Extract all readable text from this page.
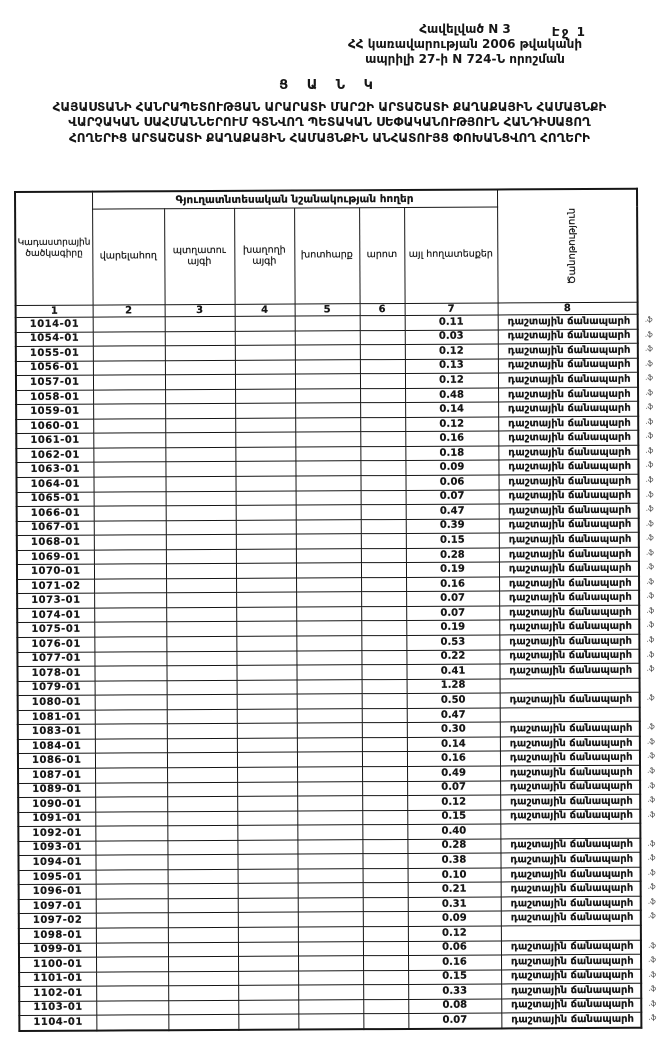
Էջ 1
Հավելված N 3
ՀՀ կառավարության 2006 թվականի
ապրիլի 27-ի N 724-Ն որոշման
Ց Ա Ն Կ
ՀԱՅԱՍՏԱՆԻ ՀԱՆՐԱՊԵՏՈՒԹՅԱՆ ԱՐԱՐԱՏԻ ՄԱՐԶԻ ԱՐՏԱՇԱՏԻ ՔԱՂԱՔԱՅԻՆ ՀԱՄԱՅՆՔԻ
ՎԱՐՉԱԿԱՆ ՍԱՀՄԱՆՆԵՐՈՒՄ ԳՏՆՎՈՂ ՊԵՏԱԿԱՆ ՍԵՓԱԿԱՆՈՒԹՅՈՒՆ ՀԱՆԴԻՍԱՑՈՂ
ՀՈՂԵՐԻՑ ԱՐՏԱՇԱՏԻ ՔԱՂԱՔԱՅԻՆ ՀԱՄԱՅՆՔԻՆ ԱՆՀԱՏՈՒՅՑ ՓՈԽԱՆՑՎՈՂ ՀՈՂԵՐԻ
Կադաստրային ծածկագիրը	Գյուղատնտեսական նշանակության հողեր						Ծանոթություն

	վարելահող	պտղատու այգի	խաղողի այգի	խոտհարք	արոտ	այլ հողատեսքեր	
1	2	3	4	5	6	7	8
1014-01						0.11	դաշտային ճանապարհ .ֆ

1054-01						0.03	դաշտային ճանապարհ .ֆ

1055-01						0.12	դաշտային ճանապարհ .ֆ

1056-01						0.13	դաշտային ճանապարհ .ֆ

1057-01						0.12	դաշտային ճանապարհ .ֆ

1058-01						0.48	դաշտային ճանապարհ .ֆ

1059-01						0.14	դաշտային ճանապարհ .ֆ

1060-01						0.12	դաշտային ճանապարհ .ֆ

1061-01						0.16	դաշտային ճանապարհ .ֆ

1062-01						0.18	դաշտային ճանապարհ .ֆ

1063-01						0.09	դաշտային ճանապարհ .ֆ

1064-01						0.06	դաշտային ճանապարհ .ֆ

1065-01						0.07	դաշտային ճանապարհ .ֆ

1066-01						0.47	դաշտային ճանապարհ .ֆ

1067-01						0.39	դաշտային ճանապարհ .ֆ

1068-01						0.15	դաշտային ճանապարհ .ֆ

1069-01						0.28	դաշտային ճանապարհ .ֆ

1070-01						0.19	դաշտային ճանապարհ .ֆ

1071-02						0.16	դաշտային ճանապարհ .ֆ

1073-01						0.07	դաշտային ճանապարհ .ֆ

1074-01						0.07	դաշտային ճանապարհ .ֆ

1075-01						0.19	դաշտային ճանապարհ .ֆ

1076-01						0.53	դաշտային ճանապարհ .ֆ

1077-01						0.22	դաշտային ճանապարհ .ֆ

1078-01						0.41	դաշտային ճանապարհ .ֆ

1079-01						1.28	
1080-01						0.50	դաշտային ճանապարհ .ֆ

1081-01						0.47	
1083-01						0.30	դաշտային ճանապարհ .ֆ

1084-01						0.14	դաշտային ճանապարհ .ֆ

1086-01						0.16	դաշտային ճանապարհ .ֆ

1087-01						0.49	դաշտային ճանապարհ .ֆ

1089-01						0.07	դաշտային ճանապարհ .ֆ

1090-01						0.12	դաշտային ճանապարհ .ֆ

1091-01						0.15	դաշտային ճանապարհ .ֆ

1092-01						0.40	
1093-01						0.28	դաշտային ճանապարհ .ֆ

1094-01						0.38	դաշտային ճանապարհ .ֆ

1095-01						0.10	դաշտային ճանապարհ .ֆ

1096-01						0.21	դաշտային ճանապարհ .ֆ

1097-01						0.31	դաշտային ճանապարհ .ֆ

1097-02						0.09	դաշտային ճանապարհ .ֆ

1098-01						0.12	
1099-01						0.06	դաշտային ճանապարհ .ֆ

1100-01						0.16	դաշտային ճանապարհ .ֆ

1101-01						0.15	դաշտային ճանապարհ .ֆ

1102-01						0.33	դաշտային ճանապարհ .ֆ

1103-01						0.08	դաշտային ճանապարհ .ֆ

1104-01						0.07	դաշտային ճանապարհ .ֆ
